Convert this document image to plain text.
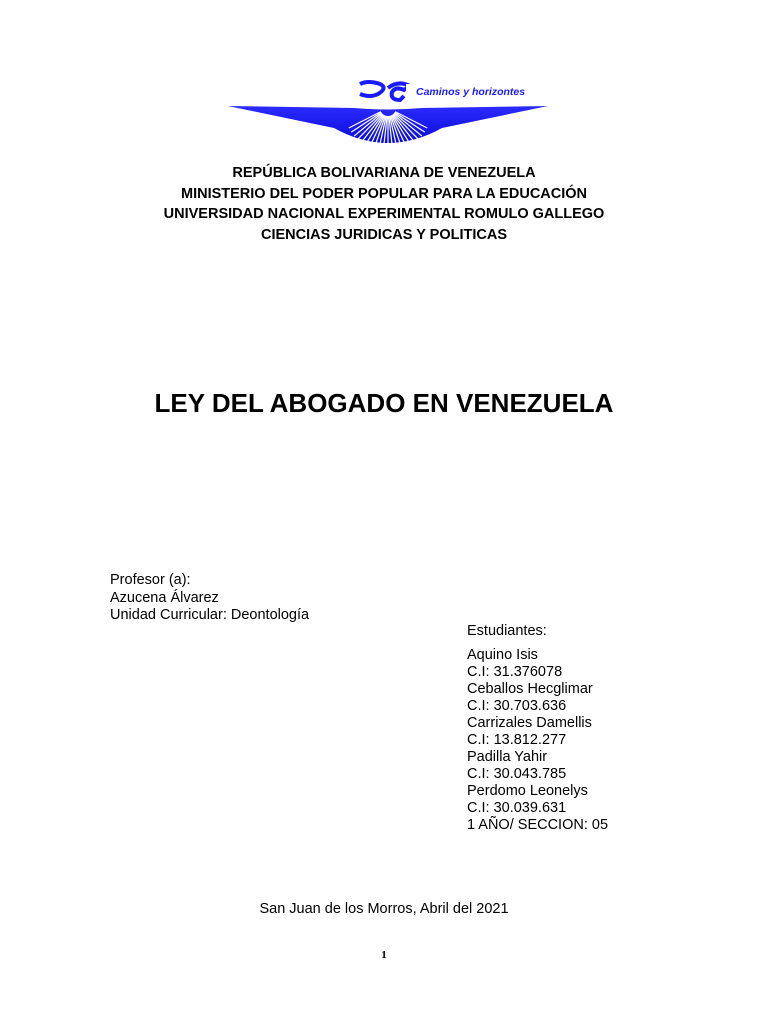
Caminos y horizontes
REPÚBLICA BOLIVARIANA DE VENEZUELA
MINISTERIO DEL PODER POPULAR PARA LA EDUCACIÓN
UNIVERSIDAD NACIONAL EXPERIMENTAL ROMULO GALLEGO
CIENCIAS JURIDICAS Y POLITICAS
LEY DEL ABOGADO EN VENEZUELA
Profesor (a):
Azucena Álvarez
Unidad Curricular: Deontología
Estudiantes:
Aquino Isis
C.I: 31.376078
Ceballos Hecglimar
C.I: 30.703.636
Carrizales Damellis
C.I: 13.812.277
Padilla Yahir
C.I: 30.043.785
Perdomo Leonelys
C.I: 30.039.631
1 AÑO/ SECCION: 05
San Juan de los Morros, Abril del 2021
1
